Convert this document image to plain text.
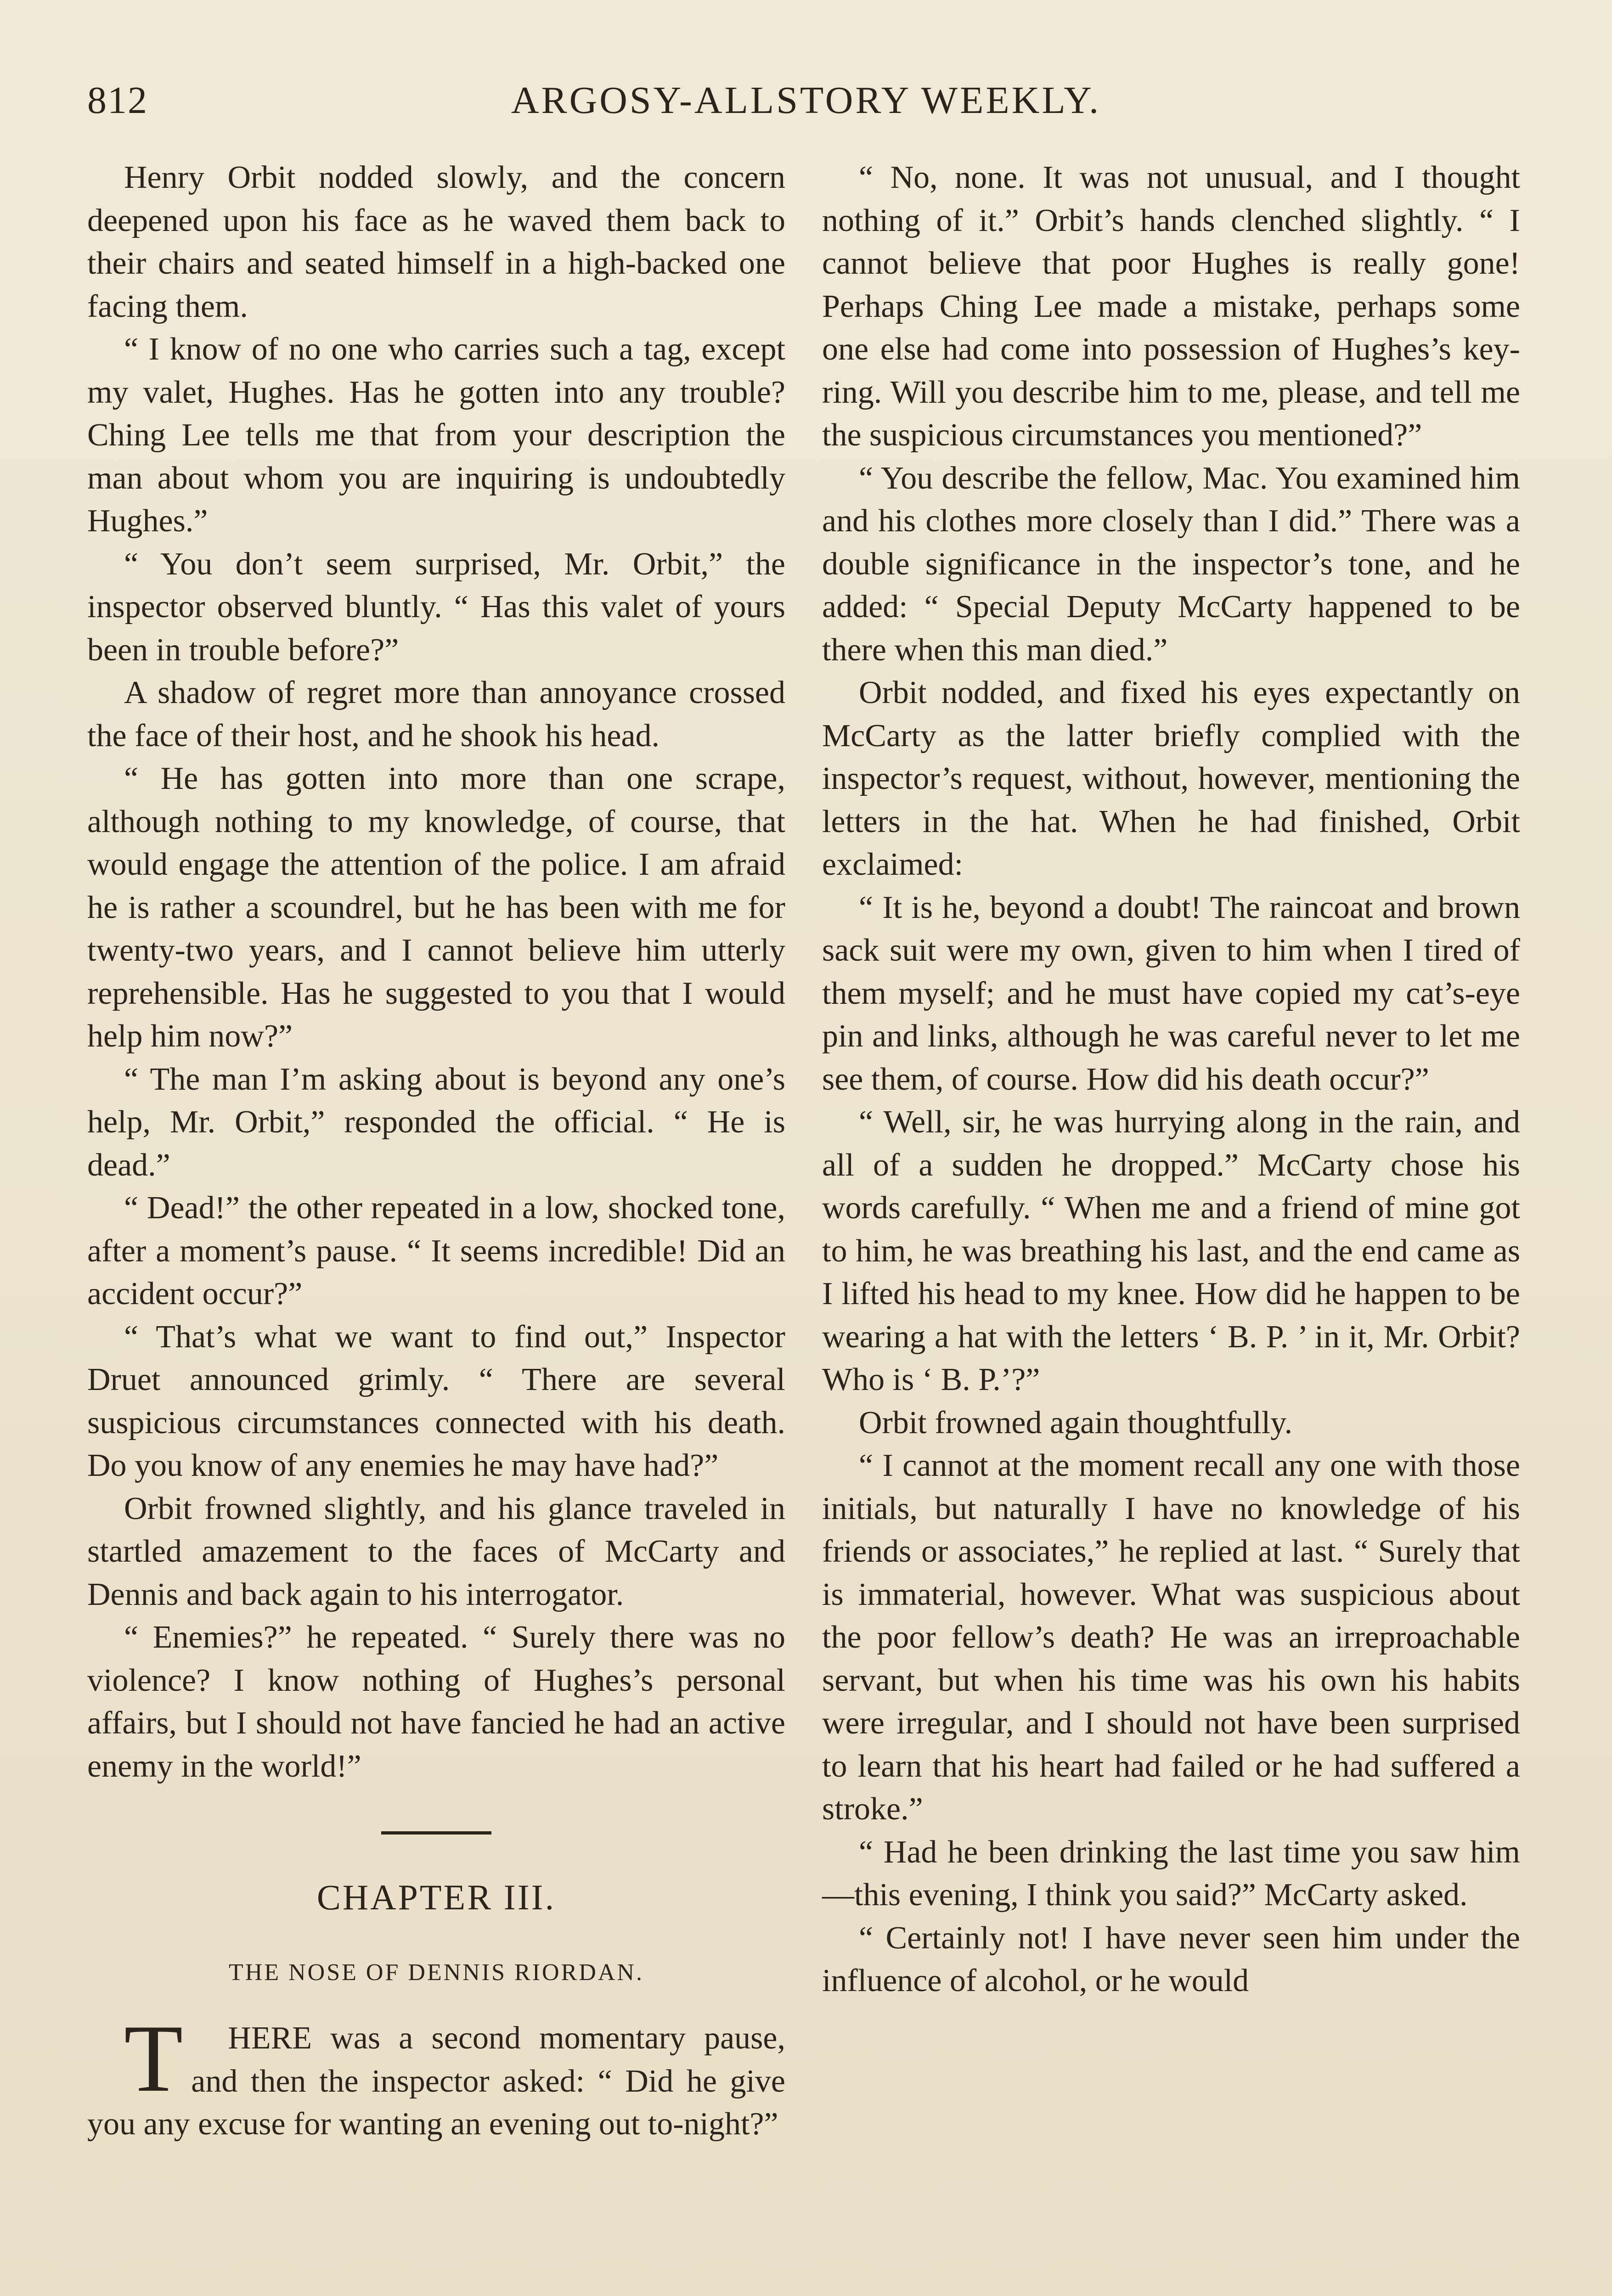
812	ARGOSY-ALLSTORY WEEKLY.

Henry Orbit nodded slowly, and the concern deepened upon his face as he waved them back to their chairs and seated himself in a high-backed one facing them.

“ I know of no one who carries such a tag, except my valet, Hughes. Has he gotten into any trouble? Ching Lee tells me that from your description the man about whom you are inquiring is undoubtedly Hughes.”

“ You don’t seem surprised, Mr. Orbit,” the inspector observed bluntly. “ Has this valet of yours been in trouble before?”

A shadow of regret more than annoyance crossed the face of their host, and he shook his head.

“ He has gotten into more than one scrape, although nothing to my knowledge, of course, that would engage the attention of the police. I am afraid he is rather a scoundrel, but he has been with me for twenty-two years, and I cannot believe him utterly reprehensible. Has he suggested to you that I would help him now?”

“ The man I’m asking about is beyond any one’s help, Mr. Orbit,” responded the official. “ He is dead.”

“ Dead!” the other repeated in a low, shocked tone, after a moment’s pause. “ It seems incredible! Did an accident occur?”

“ That’s what we want to find out,” Inspector Druet announced grimly. “ There are several suspicious circumstances connected with his death. Do you know of any enemies he may have had?”

Orbit frowned slightly, and his glance traveled in startled amazement to the faces of McCarty and Dennis and back again to his interrogator.

“ Enemies?” he repeated. “ Surely there was no violence? I know nothing of Hughes’s personal affairs, but I should not have fancied he had an active enemy in the world!”

CHAPTER III.
THE NOSE OF DENNIS RIORDAN.

T HERE was a second momentary pause, and then the inspector asked: “ Did he give you any excuse for wanting an evening out to-night?”

“ No, none. It was not unusual, and I thought nothing of it.” Orbit’s hands clenched slightly. “ I cannot believe that poor Hughes is really gone! Perhaps Ching Lee made a mistake, perhaps some one else had come into possession of Hughes’s key-ring. Will you describe him to me, please, and tell me the suspicious circumstances you mentioned?”

“ You describe the fellow, Mac. You examined him and his clothes more closely than I did.” There was a double significance in the inspector’s tone, and he added: “ Special Deputy McCarty happened to be there when this man died.”

Orbit nodded, and fixed his eyes expectantly on McCarty as the latter briefly complied with the inspector’s request, without, however, mentioning the letters in the hat. When he had finished, Orbit exclaimed:

“ It is he, beyond a doubt! The raincoat and brown sack suit were my own, given to him when I tired of them myself; and he must have copied my cat’s-eye pin and links, although he was careful never to let me see them, of course. How did his death occur?”

“ Well, sir, he was hurrying along in the rain, and all of a sudden he dropped.” McCarty chose his words carefully. “ When me and a friend of mine got to him, he was breathing his last, and the end came as I lifted his head to my knee. How did he happen to be wearing a hat with the letters ‘ B. P. ’ in it, Mr. Orbit? Who is ‘ B. P.’?”

Orbit frowned again thoughtfully.

“ I cannot at the moment recall any one with those initials, but naturally I have no knowledge of his friends or associates,” he replied at last. “ Surely that is immaterial, however. What was suspicious about the poor fellow’s death? He was an irreproachable servant, but when his time was his own his habits were irregular, and I should not have been surprised to learn that his heart had failed or he had suffered a stroke.”

“ Had he been drinking the last time you saw him—this evening, I think you said?” McCarty asked.

“ Certainly not! I have never seen him under the influence of alcohol, or he would
